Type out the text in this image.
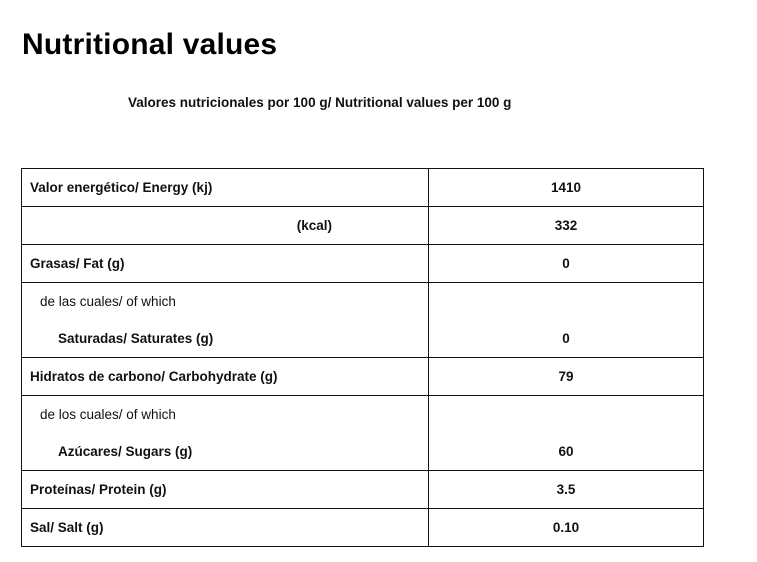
Nutritional values
Valores nutricionales por 100 g/ Nutritional values per 100 g
Valor energético/ Energy (kj)	1410
(kcal)	332
Grasas/ Fat (g)	0
de las cuales/ of which	
Saturadas/ Saturates (g)	0
Hidratos de carbono/ Carbohydrate (g)	79
de los cuales/ of which	
Azúcares/ Sugars (g)	60
Proteínas/ Protein (g)	3.5
Sal/ Salt (g)	0.10
